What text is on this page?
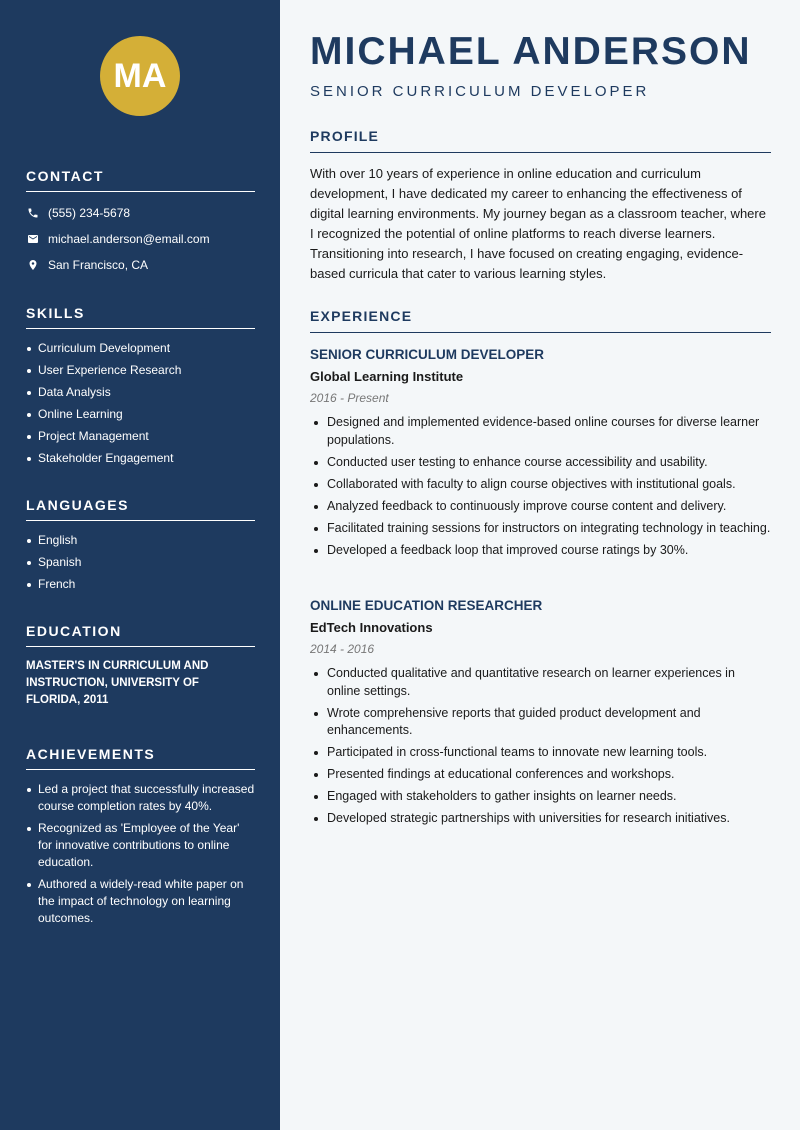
MA
CONTACT
(555) 234-5678
michael.anderson@email.com
San Francisco, CA
SKILLS
Curriculum Development
User Experience Research
Data Analysis
Online Learning
Project Management
Stakeholder Engagement
LANGUAGES
English
Spanish
French
EDUCATION
MASTER'S IN CURRICULUM AND INSTRUCTION, UNIVERSITY OF FLORIDA, 2011
ACHIEVEMENTS
Led a project that successfully increased course completion rates by 40%.
Recognized as 'Employee of the Year' for innovative contributions to online education.
Authored a widely-read white paper on the impact of technology on learning outcomes.
MICHAEL ANDERSON
SENIOR CURRICULUM DEVELOPER
PROFILE
With over 10 years of experience in online education and curriculum development, I have dedicated my career to enhancing the effectiveness of digital learning environments. My journey began as a classroom teacher, where I recognized the potential of online platforms to reach diverse learners. Transitioning into research, I have focused on creating engaging, evidence-based curricula that cater to various learning styles.
EXPERIENCE
SENIOR CURRICULUM DEVELOPER
Global Learning Institute
2016 - Present
Designed and implemented evidence-based online courses for diverse learner populations.
Conducted user testing to enhance course accessibility and usability.
Collaborated with faculty to align course objectives with institutional goals.
Analyzed feedback to continuously improve course content and delivery.
Facilitated training sessions for instructors on integrating technology in teaching.
Developed a feedback loop that improved course ratings by 30%.
ONLINE EDUCATION RESEARCHER
EdTech Innovations
2014 - 2016
Conducted qualitative and quantitative research on learner experiences in online settings.
Wrote comprehensive reports that guided product development and enhancements.
Participated in cross-functional teams to innovate new learning tools.
Presented findings at educational conferences and workshops.
Engaged with stakeholders to gather insights on learner needs.
Developed strategic partnerships with universities for research initiatives.
